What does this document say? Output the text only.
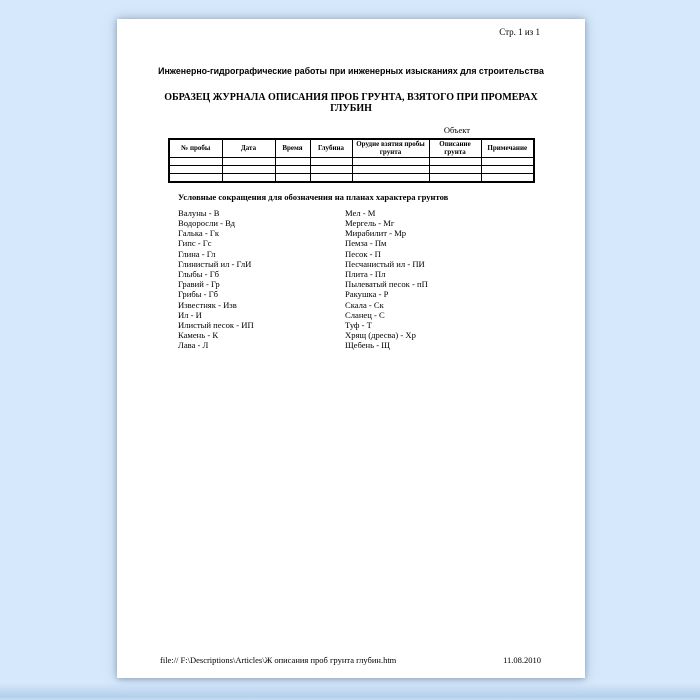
Стр. 1 из 1
Инженерно-гидрографические работы при инженерных изысканиях для строительства
ОБРАЗЕЦ ЖУРНАЛА ОПИСАНИЯ ПРОБ ГРУНТА, ВЗЯТОГО ПРИ ПРОМЕРАХ
ГЛУБИН
Объект
№ пробы	Дата	Время	Глубина	Орудие взятия пробы грунта	Описание грунта	Примечание

Условные сокращения для обозначения на планах характера грунтов
Валуны - В
Водоросли - Вд
Галька - Гк
Гипс - Гс
Глина - Гл
Глинистый ил - ГлИ
Глыбы - Гб
Гравий - Гр
Грибы - Гб
Известняк - Изв
Ил - И
Илистый песок - ИП
Камень - К
Лава - Л
Мел - М
Мергель - Мг
Мирабилит - Мр
Пемза - Пм
Песок - П
Песчанистый ил - ПИ
Плита - Пл
Пылеватый песок - пП
Ракушка - Р
Скала - Ск
Сланец - С
Туф - Т
Хрящ (дресва) - Хр
Щебень - Щ
file:// F:\Descriptions\Articles\Ж описания проб грунта глубин.htm	11.08.2010
